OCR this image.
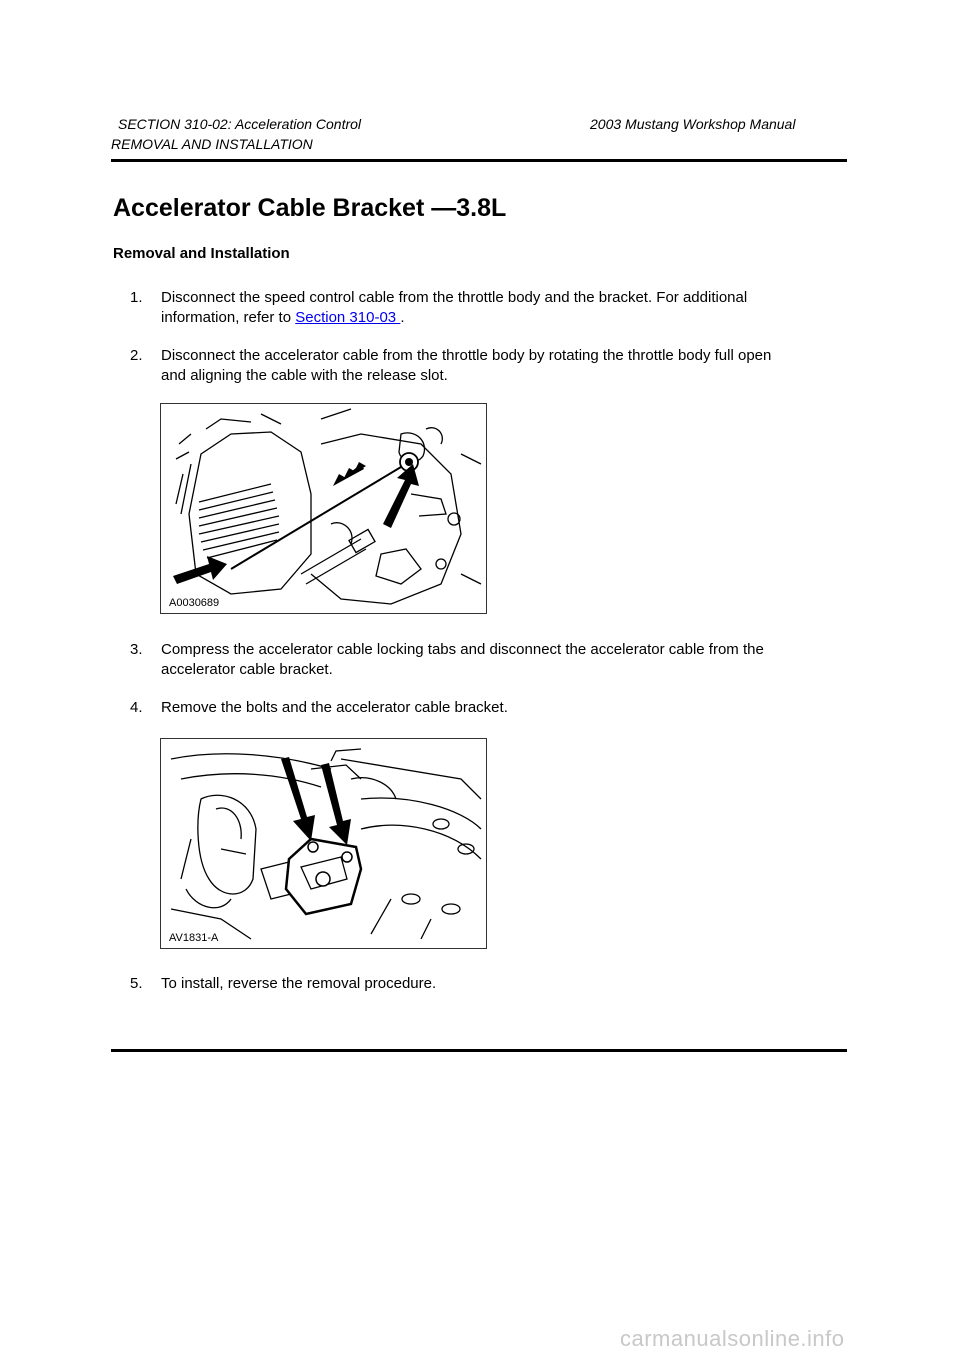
SECTION 310-02: Acceleration Control	2003 Mustang Workshop Manual
REMOVAL AND INSTALLATION
Accelerator Cable Bracket —3.8L
Removal and Installation
1. Disconnect the speed control cable from the throttle body and the bracket. For additional
information, refer to Section 310-03 .
2. Disconnect the accelerator cable from the throttle body by rotating the throttle body full open
and aligning the cable with the release slot.
A0030689
3. Compress the accelerator cable locking tabs and disconnect the accelerator cable from the
accelerator cable bracket.
4. Remove the bolts and the accelerator cable bracket.
AV1831-A
5. To install, reverse the removal procedure.
carmanualsonline.info
